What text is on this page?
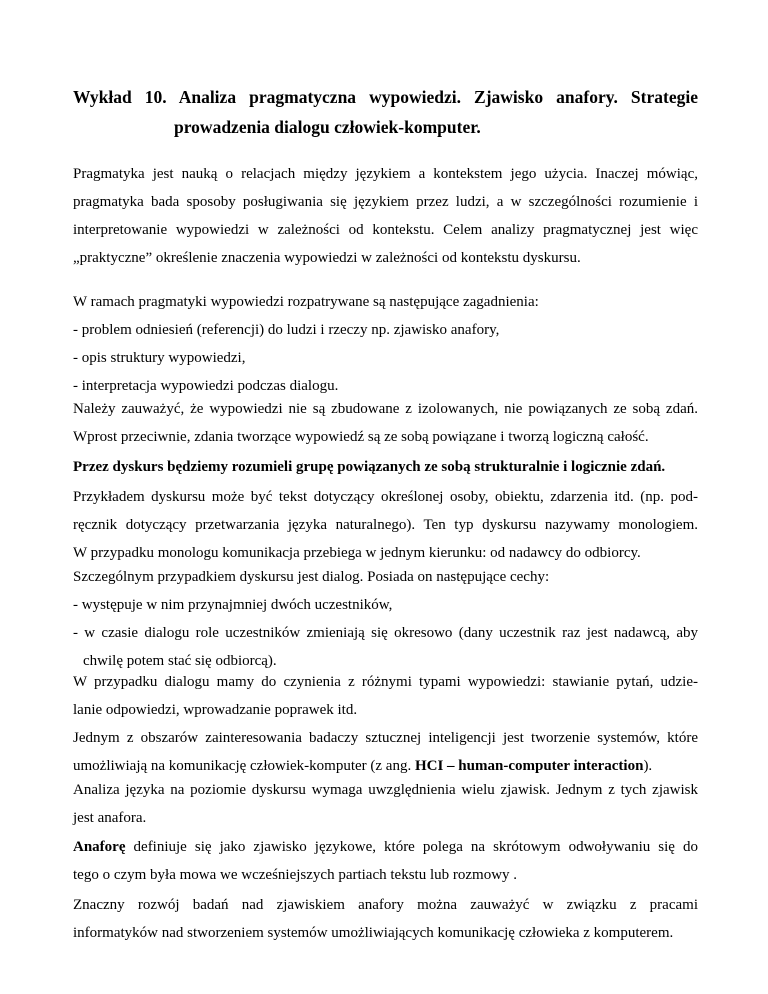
Wykład 10. Analiza pragmatyczna wypowiedzi. Zjawisko anafory. Strategie
prowadzenia dialogu człowiek-komputer.
Pragmatyka jest nauką o relacjach między językiem a kontekstem jego użycia. Inaczej mówiąc,
pragmatyka bada sposoby posługiwania się językiem przez ludzi, a w szczególności rozumienie i
interpretowanie wypowiedzi w zależności od kontekstu. Celem analizy pragmatycznej jest więc
„praktyczne” określenie znaczenia wypowiedzi w zależności od kontekstu dyskursu.
W ramach pragmatyki wypowiedzi rozpatrywane są następujące zagadnienia:
- problem odniesień (referencji) do ludzi i rzeczy np. zjawisko anafory,
- opis struktury wypowiedzi,
- interpretacja wypowiedzi podczas dialogu.
Należy zauważyć, że wypowiedzi nie są zbudowane z izolowanych, nie powiązanych ze sobą zdań.
Wprost przeciwnie, zdania tworzące wypowiedź są ze sobą powiązane i tworzą logiczną całość.
Przez dyskurs będziemy rozumieli grupę powiązanych ze sobą strukturalnie i logicznie zdań.
Przykładem dyskursu może być tekst dotyczący określonej osoby, obiektu, zdarzenia itd. (np. pod-
ręcznik dotyczący przetwarzania języka naturalnego). Ten typ dyskursu nazywamy monologiem.
W przypadku monologu komunikacja przebiega w jednym kierunku: od nadawcy do odbiorcy.
Szczególnym przypadkiem dyskursu jest dialog. Posiada on następujące cechy:
- występuje w nim przynajmniej dwóch uczestników,
- w czasie dialogu role uczestników zmieniają się okresowo (dany uczestnik raz jest nadawcą, aby
chwilę potem stać się odbiorcą).
W przypadku dialogu mamy do czynienia z różnymi typami wypowiedzi: stawianie pytań, udzie-
lanie odpowiedzi, wprowadzanie poprawek itd.
Jednym z obszarów zainteresowania badaczy sztucznej inteligencji jest tworzenie systemów, które
umożliwiają na komunikację człowiek-komputer (z ang. HCI – human-computer interaction).
Analiza języka na poziomie dyskursu wymaga uwzględnienia wielu zjawisk. Jednym z tych zjawisk
jest anafora.
Anaforę definiuje się jako zjawisko językowe, które polega na skrótowym odwoływaniu się do
tego o czym była mowa we wcześniejszych partiach tekstu lub rozmowy .
Znaczny rozwój badań nad zjawiskiem anafory można zauważyć w związku z pracami
informatyków nad stworzeniem systemów umożliwiających komunikację człowieka z komputerem.
